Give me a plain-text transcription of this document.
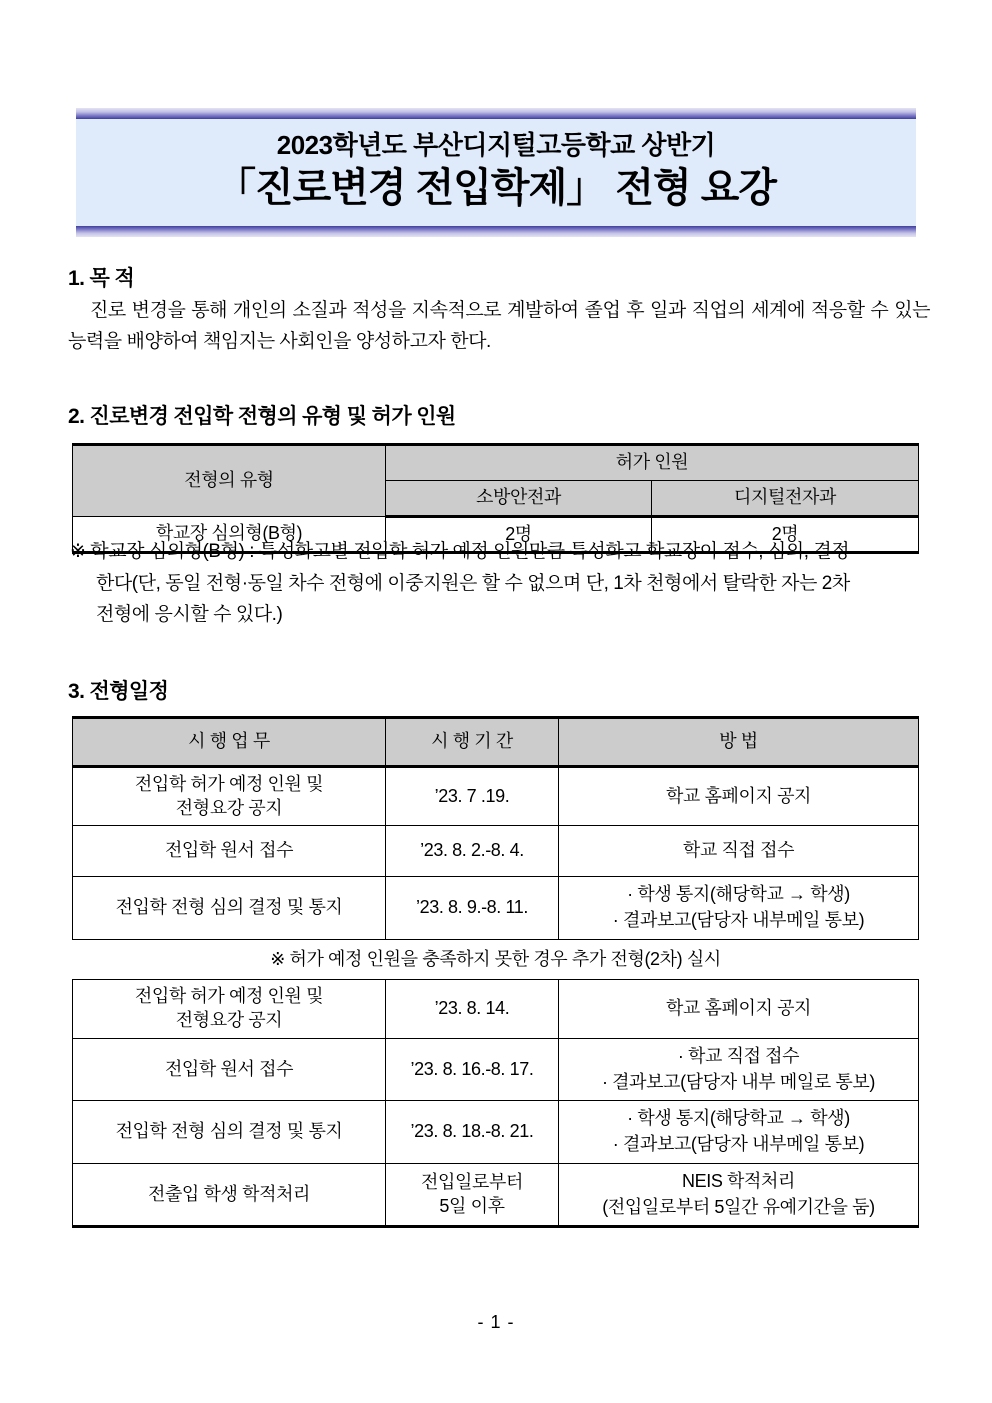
2023학년도 부산디지털고등학교 상반기
「진로변경 전입학제」 전형 요강
1. 목 적
진로 변경을 통해 개인의 소질과 적성을 지속적으로 계발하여 졸업 후 일과 직업의 세계에 적응할 수 있는 능력을 배양하여 책임지는 사회인을 양성하고자 한다.
2. 진로변경 전입학 전형의 유형 및 허가 인원
전형의 유형	허가 인원	
	소방안전과	디지털전자과
학교장 심의형(B형)	2명	2명
※ 학교장 심의형(B형) : 특성화고별 전입학 허가 예정 인원만큼 특성화고 학교장이 접수, 심의, 결정
한다(단, 동일 전형·동일 차수 전형에 이중지원은 할 수 없으며 단, 1차 천형에서 탈락한 자는 2차
전형에 응시할 수 있다.)
3. 전형일정
시 행 업 무	시 행 기 간	방 법

전입학 허가 예정 인원 및
전형요강 공지	’23. 7 .19.	학교 홈페이지 공지

전입학 원서 접수	’23. 8. 2.-8. 4.	학교 직접 접수

전입학 전형 심의 결정 및 통지	’23. 8. 9.-8. 11.	· 학생 통지(해당학교 → 학생)
· 결과보고(담당자 내부메일 통보)

※ 허가 예정 인원을 충족하지 못한 경우 추가 전형(2차) 실시		

전입학 허가 예정 인원 및
전형요강 공지	’23. 8. 14.	학교 홈페이지 공지

전입학 원서 접수	’23. 8. 16.-8. 17.	· 학교 직접 접수
· 결과보고(담당자 내부 메일로 통보)

전입학 전형 심의 결정 및 통지	’23. 8. 18.-8. 21.	· 학생 통지(해당학교 → 학생)
· 결과보고(담당자 내부메일 통보)

전출입 학생 학적처리	전입일로부터
5일 이후	NEIS 학적처리
(전입일로부터 5일간 유예기간을 둠)
- 1 -
